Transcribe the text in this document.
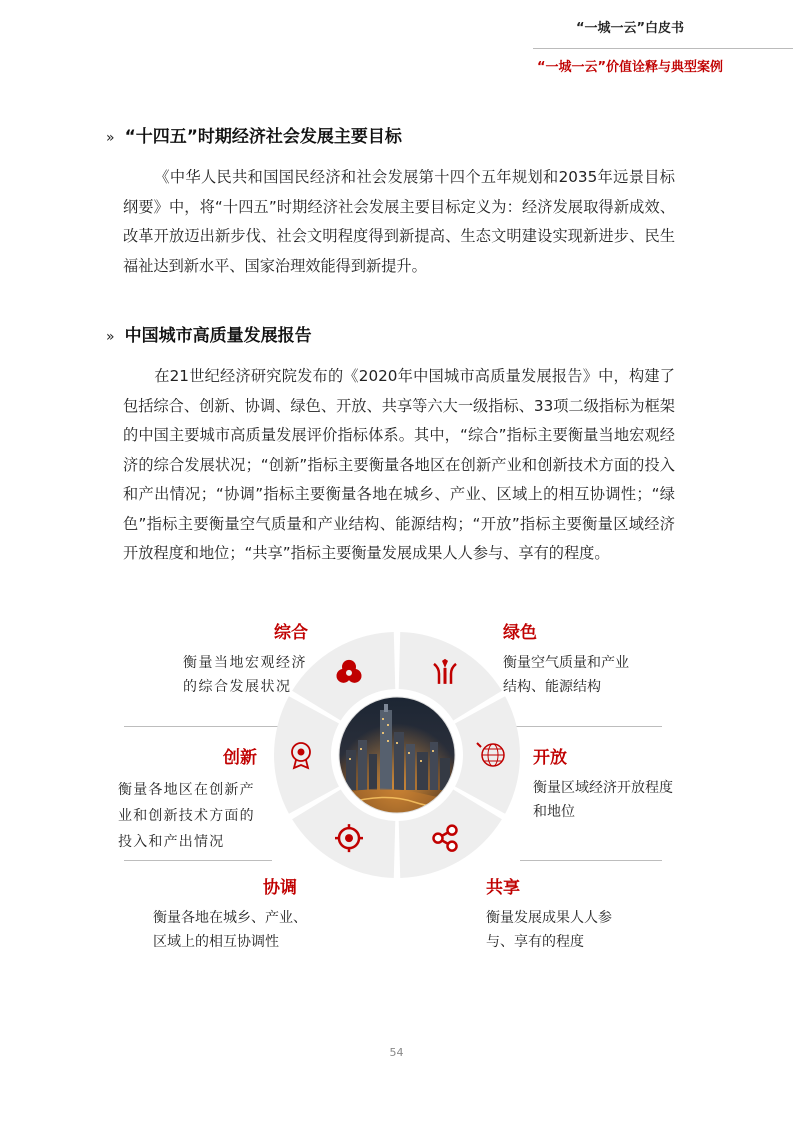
“一城一云”白皮书
“一城一云”价值诠释与典型案例
» “十四五”时期经济社会发展主要目标

《中华人民共和国国民经济和社会发展第十四个五年规划和2035年远景目标纲要》中，将“十四五”时期经济社会发展主要目标定义为：经济发展取得新成效、改革开放迈出新步伐、社会文明程度得到新提高、生态文明建设实现新进步、民生福祉达到新水平、国家治理效能得到新提升。

» 中国城市高质量发展报告

在21世纪经济研究院发布的《2020年中国城市高质量发展报告》中，构建了包括综合、创新、协调、绿色、开放、共享等六大一级指标、33项二级指标为框架的中国主要城市高质量发展评价指标体系。其中，“综合”指标主要衡量当地宏观经济的综合发展状况；“创新”指标主要衡量各地区在创新产业和创新技术方面的投入和产出情况；“协调”指标主要衡量各地在城乡、产业、区域上的相互协调性；“绿色”指标主要衡量空气质量和产业结构、能源结构；“开放”指标主要衡量区域经济开放程度和地位；“共享”指标主要衡量发展成果人人参与、享有的程度。

综合
衡量当地宏观经济的综合发展状况
绿色
衡量空气质量和产业结构、能源结构
创新
衡量各地区在创新产业和创新技术方面的投入和产出情况
开放
衡量区域经济开放程度和地位
协调
衡量各地在城乡、产业、区域上的相互协调性
共享
衡量发展成果人人参与、享有的程度
54
